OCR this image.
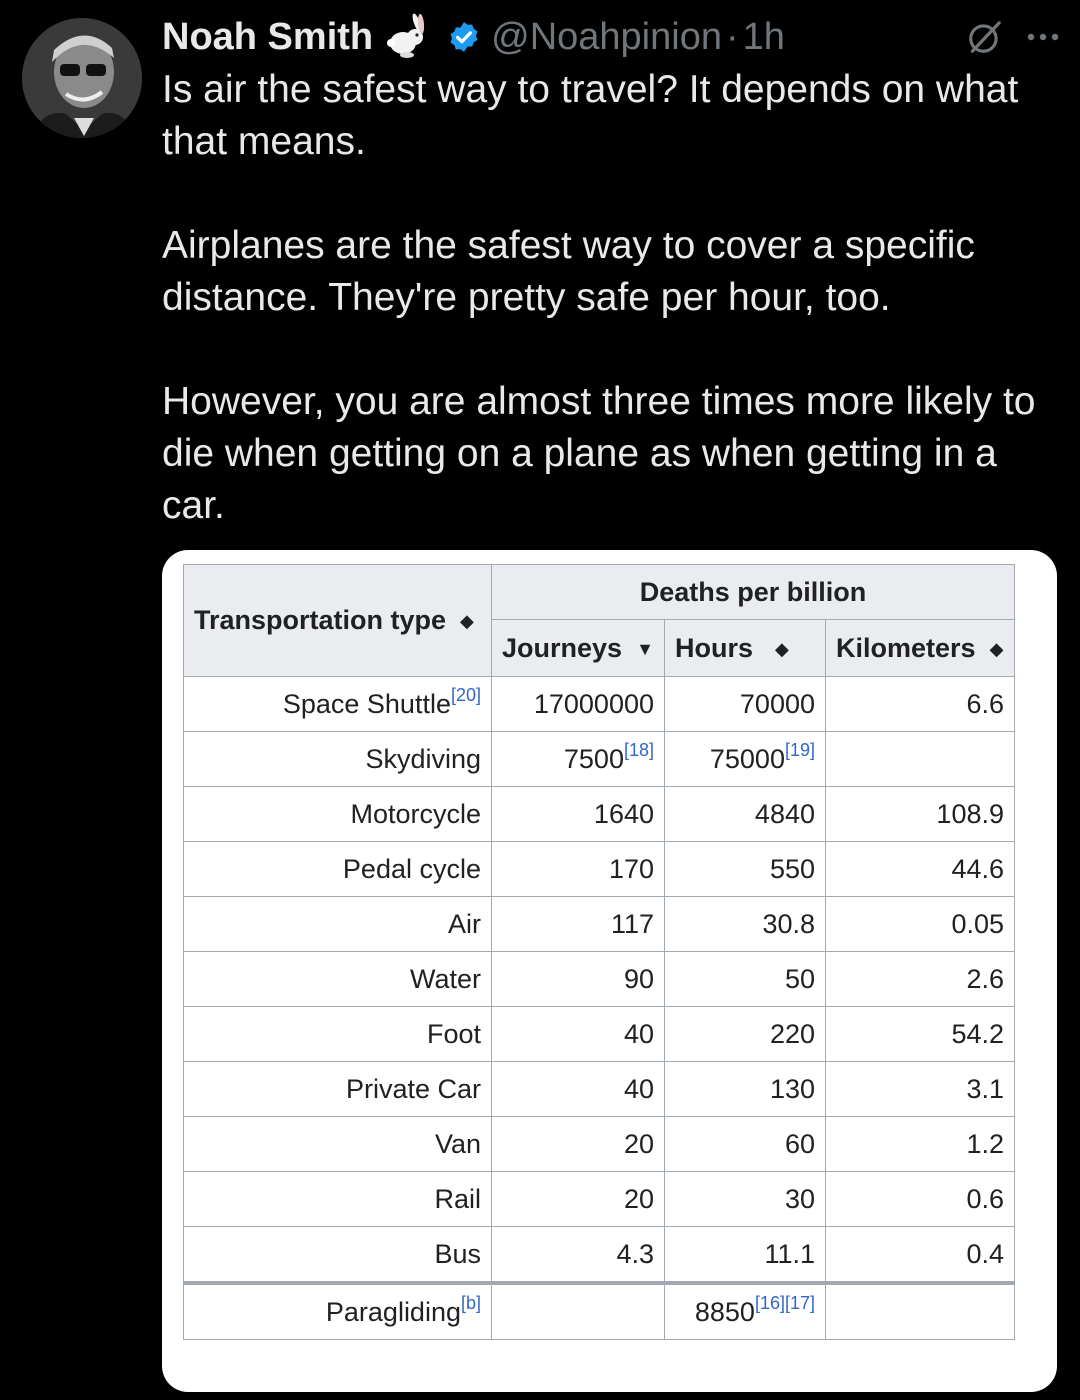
Noah Smith	@Noahpinion · 1h

Is air the safest way to travel? It depends on what that means.

Airplanes are the safest way to cover a specific distance. They're pretty safe per hour, too.

However, you are almost three times more likely to die when getting on a plane as when getting in a car.

Transportation type ◆	Deaths per billion		
	Journeys ▼	Hours ◆	Kilometers ◆
Space Shuttle[20]	17000000	70000	6.6
Skydiving	7500[18]	75000[19]	
Motorcycle	1640	4840	108.9
Pedal cycle	170	550	44.6
Air	117	30.8	0.05
Water	90	50	2.6
Foot	40	220	54.2
Private Car	40	130	3.1
Van	20	60	1.2
Rail	20	30	0.6
Bus	4.3	11.1	0.4
Paragliding[b]		8850[16][17]	
